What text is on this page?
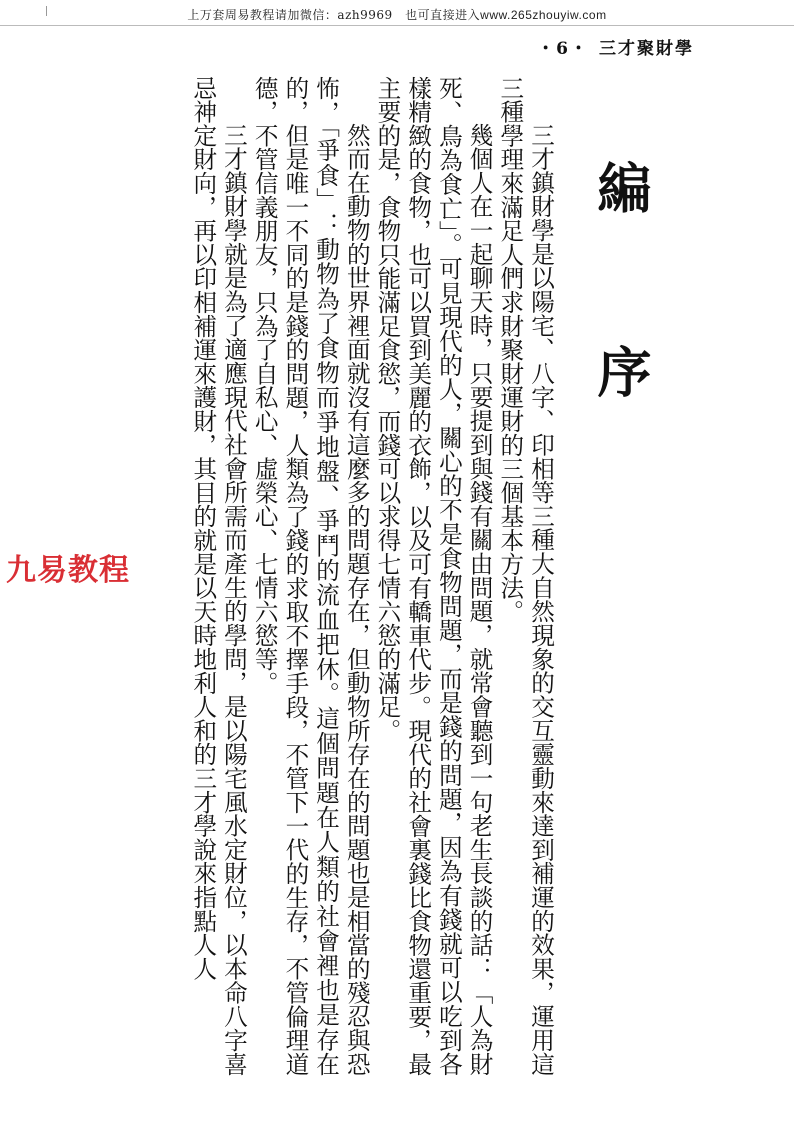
上万套周易教程请加微信：azh9969　也可直接进入www.265zhouyiw.com
・6・ 三才聚財學
編　序

三才鎮財學是以陽宅、八字、印相等三種大自然現象的交互靈動來達到補運的效果，運用這三種學理來滿足人們求財聚財運財的三個基本方法。

幾個人在一起聊天時，只要提到與錢有關由問題，就常會聽到一句老生長談的話：「人為財死、鳥為食亡」。可見現代的人，關心的不是食物問題，而是錢的問題，因為有錢就可以吃到各樣精緻的食物，也可以買到美麗的衣飾，以及可有轎車代步。現代的社會裏錢比食物還重要，最主要的是，食物只能滿足食慾，而錢可以求得七情六慾的滿足。

然而在動物的世界裡面就沒有這麼多的問題存在，但動物所存在的問題也是相當的殘忍與恐怖，「爭食」：動物為了食物而爭地盤、爭鬥的流血把休。這個問題在人類的社會裡也是存在的，但是唯一不同的是錢的問題，人類為了錢的求取不擇手段，不管下一代的生存，不管倫理道德，不管信義朋友，只為了自私心、虛榮心、七情六慾等。

三才鎮財學就是為了適應現代社會所需而產生的學問，是以陽宅風水定財位，以本命八字喜忌神定財向，再以印相補運來護財，其目的就是以天時地利人和的三才學說來指點人人

九易教程
